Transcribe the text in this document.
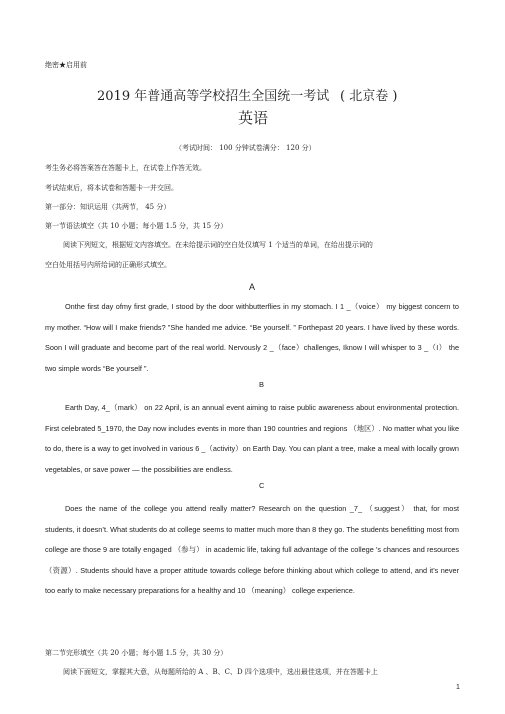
绝密★启用前
2019 年普通高等学校招生全国统一考试 ( 北京卷 )
英语
（考试时间： 100 分钟试卷满分： 120 分）
考生务必将答案答在答题卡上，在试卷上作答无效。
考试结束后，将本试卷和答题卡一并交回。
第一部分：知识运用（共两节， 45 分）
第一节语法填空（共 10 小题；每小题 1.5 分，共 15 分）
阅读下列短文，根据短文内容填空。在未给提示词的空白处仅填写 1 个适当的单词，在给出提示词的
空白处用括号内所给词的正确形式填空。
A

Onthe first day ofmy first grade, I stood by the door withbutterflies in my stomach. I 1 _（voice） my biggest concern to my mother. “How will I make friends? ”She handed me advice. “Be yourself. ” Forthepast 20 years. I have lived by these words. Soon I will graduate and become part of the real world. Nervously 2 _（face）challenges, Iknow I will whisper to 3 _（I） the two simple words “Be yourself ”.

B

Earth Day, 4_（mark） on 22 April, is an annual event aiming to raise public awareness about environmental protection. First celebrated 5_1970, the Day now includes events in more than 190 countries and regions （地区）. No matter what you like to do, there is a way to get involved in various 6 _（activity）on Earth Day. You can plant a tree, make a meal with locally grown vegetables, or save power — the possibilities are endless.

C

Does the name of the college you attend really matter? Research on the question _7_ （suggest） that, for most students, it doesn’t. What students do at college seems to matter much more than 8 they go. The students benefitting most from college are those 9 are totally engaged （参与） in academic life, taking full advantage of the college ’s chances and resources （资源）. Students should have a proper attitude towards college before thinking about which college to attend, and it’s never too early to make necessary preparations for a healthy and 10 （meaning） college experience.

第二节完形填空（共 20 小题；每小题 1.5 分，共 30 分）
阅读下面短文，掌握其大意，从每题所给的 A 、B、C、D 四个选项中，选出最佳选项，并在答题卡上
1
